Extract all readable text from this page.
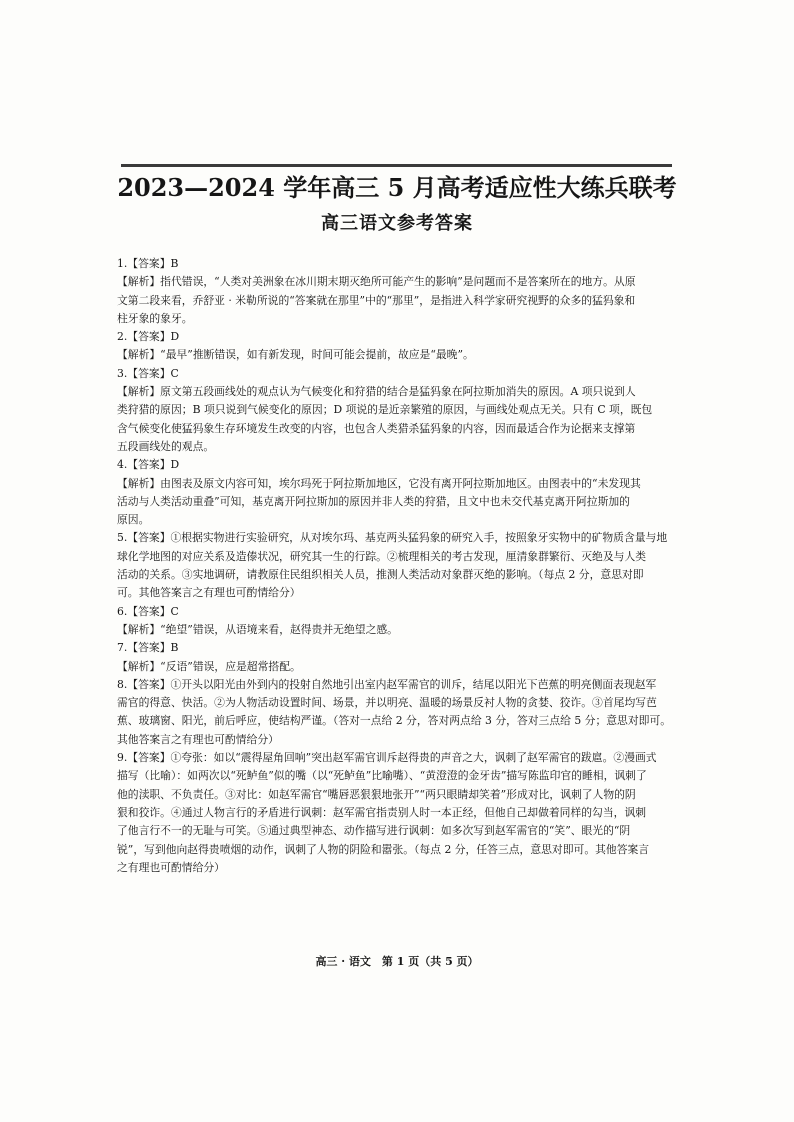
2023—2024 学年高三 5 月高考适应性大练兵联考
高三语文参考答案
1.【答案】B
【解析】指代错误，“人类对美洲象在冰川期末期灭绝所可能产生的影响”是问题而不是答案所在的地方。从原
文第二段来看，乔舒亚 · 米勒所说的“答案就在那里”中的“那里”，是指进入科学家研究视野的众多的猛犸象和
柱牙象的象牙。
2.【答案】D
【解析】“最早”推断错误，如有新发现，时间可能会提前，故应是“最晚”。
3.【答案】C
【解析】原文第五段画线处的观点认为气候变化和狩猎的结合是猛犸象在阿拉斯加消失的原因。A 项只说到人
类狩猎的原因；B 项只说到气候变化的原因；D 项说的是近亲繁殖的原因，与画线处观点无关。只有 C 项，既包
含气候变化使猛犸象生存环境发生改变的内容，也包含人类猎杀猛犸象的内容，因而最适合作为论据来支撑第
五段画线处的观点。
4.【答案】D
【解析】由图表及原文内容可知，埃尔玛死于阿拉斯加地区，它没有离开阿拉斯加地区。由图表中的“未发现其
活动与人类活动重叠”可知，基克离开阿拉斯加的原因并非人类的狩猎，且文中也未交代基克离开阿拉斯加的
原因。
5.【答案】①根据实物进行实验研究，从对埃尔玛、基克两头猛犸象的研究入手，按照象牙实物中的矿物质含量与地
球化学地图的对应关系及造傣状况，研究其一生的行踪。②梳理相关的考古发现，厘清象群繁衍、灭绝及与人类
活动的关系。③实地调研，请教原住民组织相关人员，推测人类活动对象群灭绝的影响。（每点 2 分，意思对即
可。其他答案言之有理也可酌情给分）
6.【答案】C
【解析】“绝望”错误，从语境来看，赵得贵并无绝望之感。
7.【答案】B
【解析】“反语”错误，应是超常搭配。
8.【答案】①开头以阳光由外到内的投射自然地引出室内赵军需官的训斥，结尾以阳光下芭蕉的明亮侧面表现赵军
需官的得意、快活。②为人物活动设置时间、场景，并以明亮、温暖的场景反衬人物的贪婪、狡诈。③首尾均写芭
蕉、玻璃窗、阳光，前后呼应，使结构严谨。（答对一点给 2 分，答对两点给 3 分，答对三点给 5 分；意思对即可。
其他答案言之有理也可酌情给分）
9.【答案】①夸张：如以“震得屋角回响”突出赵军需官训斥赵得贵的声音之大，讽刺了赵军需官的跋扈。②漫画式
描写（比喻）：如两次以“死鲈鱼”似的嘴（以“死鲈鱼”比喻嘴）、“黄澄澄的金牙齿”描写陈监印官的睡相，讽刺了
他的渎职、不负责任。③对比：如赵军需官“嘴唇恶狠狠地张开”“两只眼睛却笑着”形成对比，讽刺了人物的阴
狠和狡诈。④通过人物言行的矛盾进行讽刺：赵军需官指责别人时一本正经，但他自己却做着同样的勾当，讽刺
了他言行不一的无耻与可笑。⑤通过典型神态、动作描写进行讽刺：如多次写到赵军需官的“笑”、眼光的“阴
锐”，写到他向赵得贵喷烟的动作，讽刺了人物的阴险和嚣张。（每点 2 分，任答三点，意思对即可。其他答案言
之有理也可酌情给分）
高三 · 语文　第 1 页（共 5 页）
